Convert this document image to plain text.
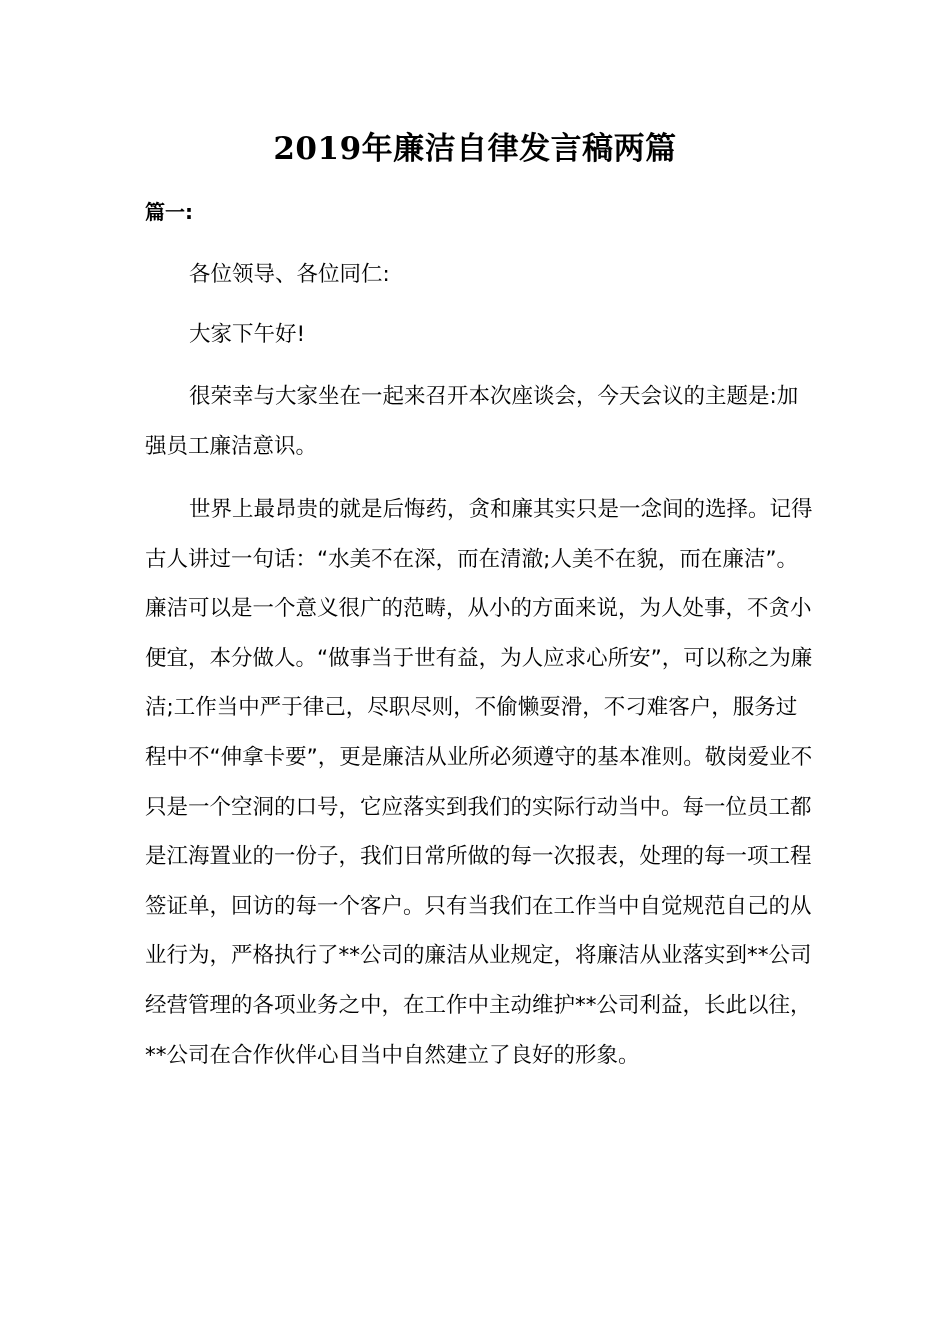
2019年廉洁自律发言稿两篇
篇一:

各位领导、各位同仁:

大家下午好!

很荣幸与大家坐在一起来召开本次座谈会，今天会议的主题是:加强员工廉洁意识。

世界上最昂贵的就是后悔药，贪和廉其实只是一念间的选择。记得古人讲过一句话：“水美不在深，而在清澈;人美不在貌，而在廉洁”。廉洁可以是一个意义很广的范畴，从小的方面来说，为人处事，不贪小便宜，本分做人。“做事当于世有益，为人应求心所安”，可以称之为廉洁;工作当中严于律己，尽职尽则，不偷懒耍滑，不刁难客户，服务过程中不“伸拿卡要”，更是廉洁从业所必须遵守的基本准则。敬岗爱业不只是一个空洞的口号，它应落实到我们的实际行动当中。每一位员工都是江海置业的一份子，我们日常所做的每一次报表，处理的每一项工程签证单，回访的每一个客户。只有当我们在工作当中自觉规范自己的从业行为，严格执行了**公司的廉洁从业规定，将廉洁从业落实到**公司经营管理的各项业务之中，在工作中主动维护**公司利益，长此以往，**公司在合作伙伴心目当中自然建立了良好的形象。
